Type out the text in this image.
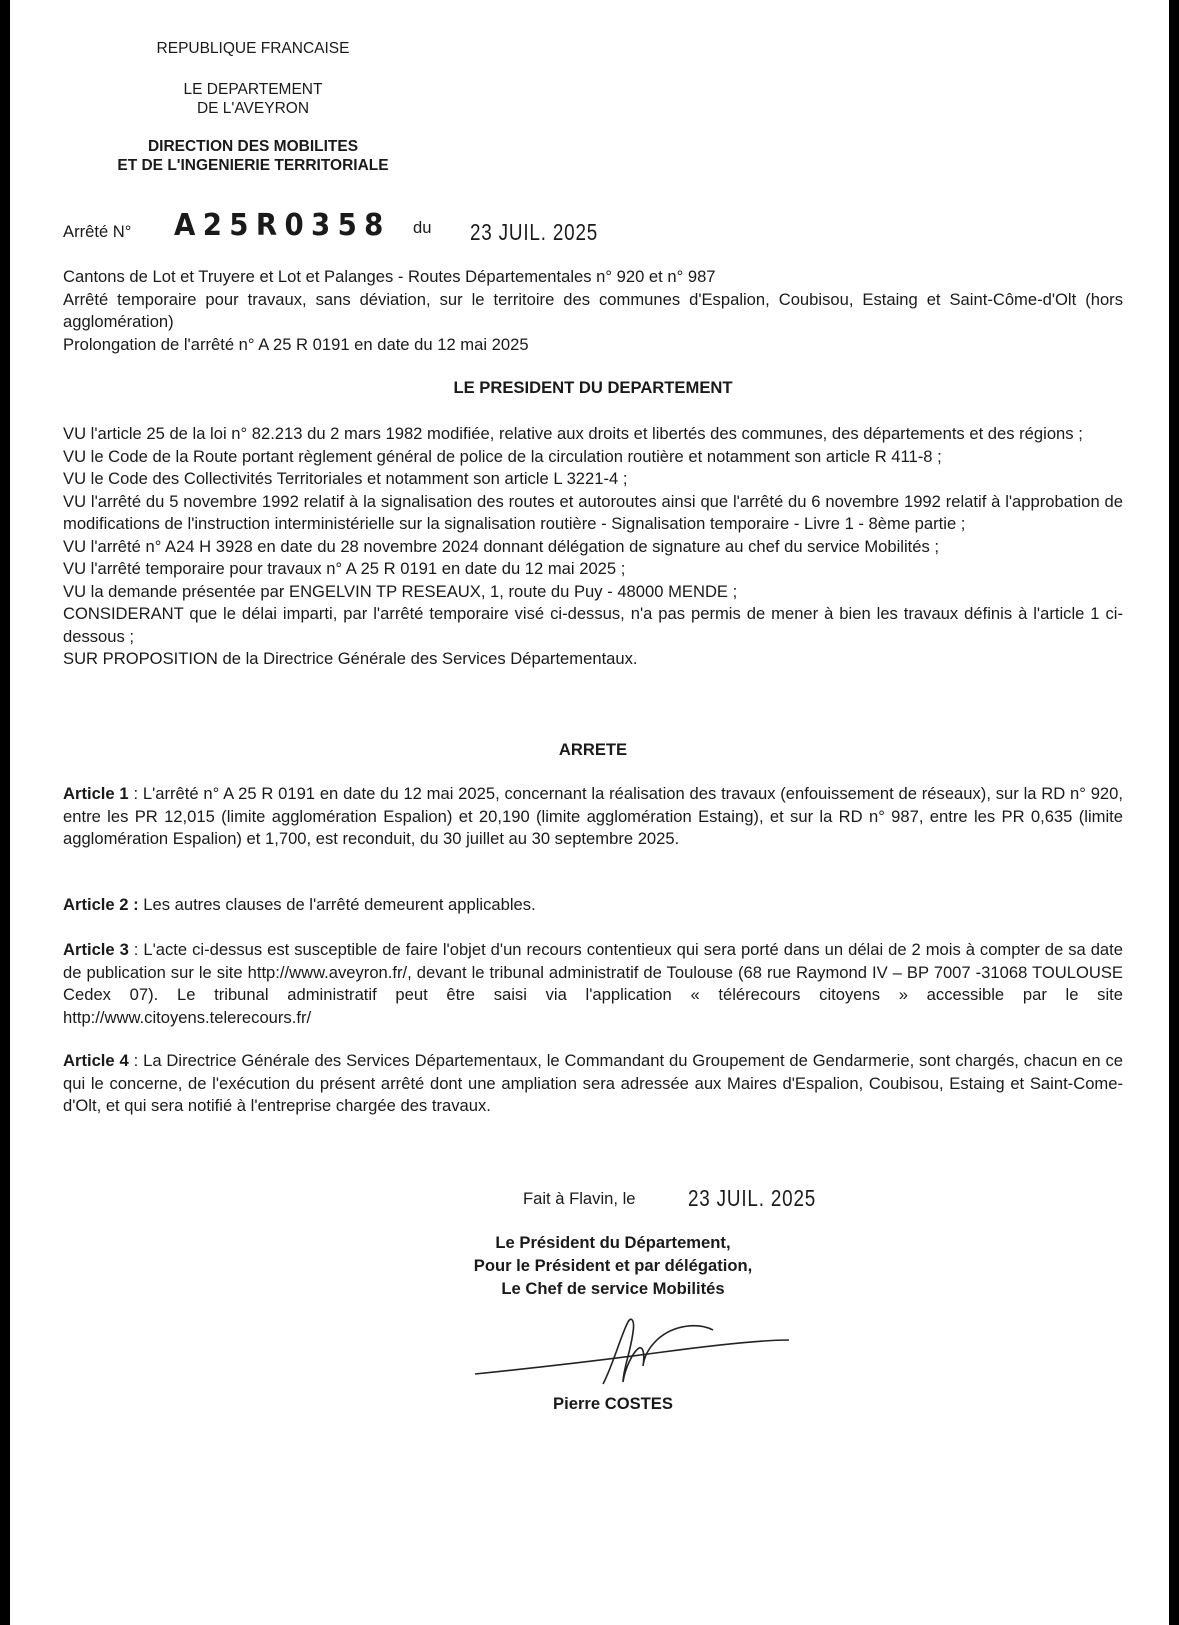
REPUBLIQUE FRANCAISE
LE DEPARTEMENT
DE L'AVEYRON
DIRECTION DES MOBILITES
ET DE L'INGENIERIE TERRITORIALE
Arrêté N° A25R0358 du 23 JUIL. 2025

Cantons de Lot et Truyere et Lot et Palanges - Routes Départementales n° 920 et n° 987

Arrêté temporaire pour travaux, sans déviation, sur le territoire des communes d'Espalion, Coubisou, Estaing et Saint-Côme-d'Olt (hors agglomération)

Prolongation de l'arrêté n° A 25 R 0191 en date du 12 mai 2025

LE PRESIDENT DU DEPARTEMENT

VU l'article 25 de la loi n° 82.213 du 2 mars 1982 modifiée, relative aux droits et libertés des communes, des départements et des régions ;

VU le Code de la Route portant règlement général de police de la circulation routière et notamment son article R 411-8 ;

VU le Code des Collectivités Territoriales et notamment son article L 3221-4 ;

VU l'arrêté du 5 novembre 1992 relatif à la signalisation des routes et autoroutes ainsi que l'arrêté du 6 novembre 1992 relatif à l'approbation de modifications de l'instruction interministérielle sur la signalisation routière - Signalisation temporaire - Livre 1 - 8ème partie ;

VU l'arrêté n° A24 H 3928 en date du 28 novembre 2024 donnant délégation de signature au chef du service Mobilités ;

VU l'arrêté temporaire pour travaux n° A 25 R 0191 en date du 12 mai 2025 ;

VU la demande présentée par ENGELVIN TP RESEAUX, 1, route du Puy - 48000 MENDE ;

CONSIDERANT que le délai imparti, par l'arrêté temporaire visé ci-dessus, n'a pas permis de mener à bien les travaux définis à l'article 1 ci-dessous ;

SUR PROPOSITION de la Directrice Générale des Services Départementaux.

ARRETE

Article 1 : L'arrêté n° A 25 R 0191 en date du 12 mai 2025, concernant la réalisation des travaux (enfouissement de réseaux), sur la RD n° 920, entre les PR 12,015 (limite agglomération Espalion) et 20,190 (limite agglomération Estaing), et sur la RD n° 987, entre les PR 0,635 (limite agglomération Espalion) et 1,700, est reconduit, du 30 juillet au 30 septembre 2025.

Article 2 : Les autres clauses de l'arrêté demeurent applicables.

Article 3 : L'acte ci-dessus est susceptible de faire l'objet d'un recours contentieux qui sera porté dans un délai de 2 mois à compter de sa date de publication sur le site http://www.aveyron.fr/, devant le tribunal administratif de Toulouse (68 rue Raymond IV – BP 7007 -31068 TOULOUSE Cedex 07). Le tribunal administratif peut être saisi via l'application « télérecours citoyens » accessible par le site http://www.citoyens.telerecours.fr/

Article 4 : La Directrice Générale des Services Départementaux, le Commandant du Groupement de Gendarmerie, sont chargés, chacun en ce qui le concerne, de l'exécution du présent arrêté dont une ampliation sera adressée aux Maires d'Espalion, Coubisou, Estaing et Saint-Come-d'Olt, et qui sera notifié à l'entreprise chargée des travaux.

Fait à Flavin, le 23 JUIL. 2025
Le Président du Département,
Pour le Président et par délégation,
Le Chef de service Mobilités
Pierre COSTES
